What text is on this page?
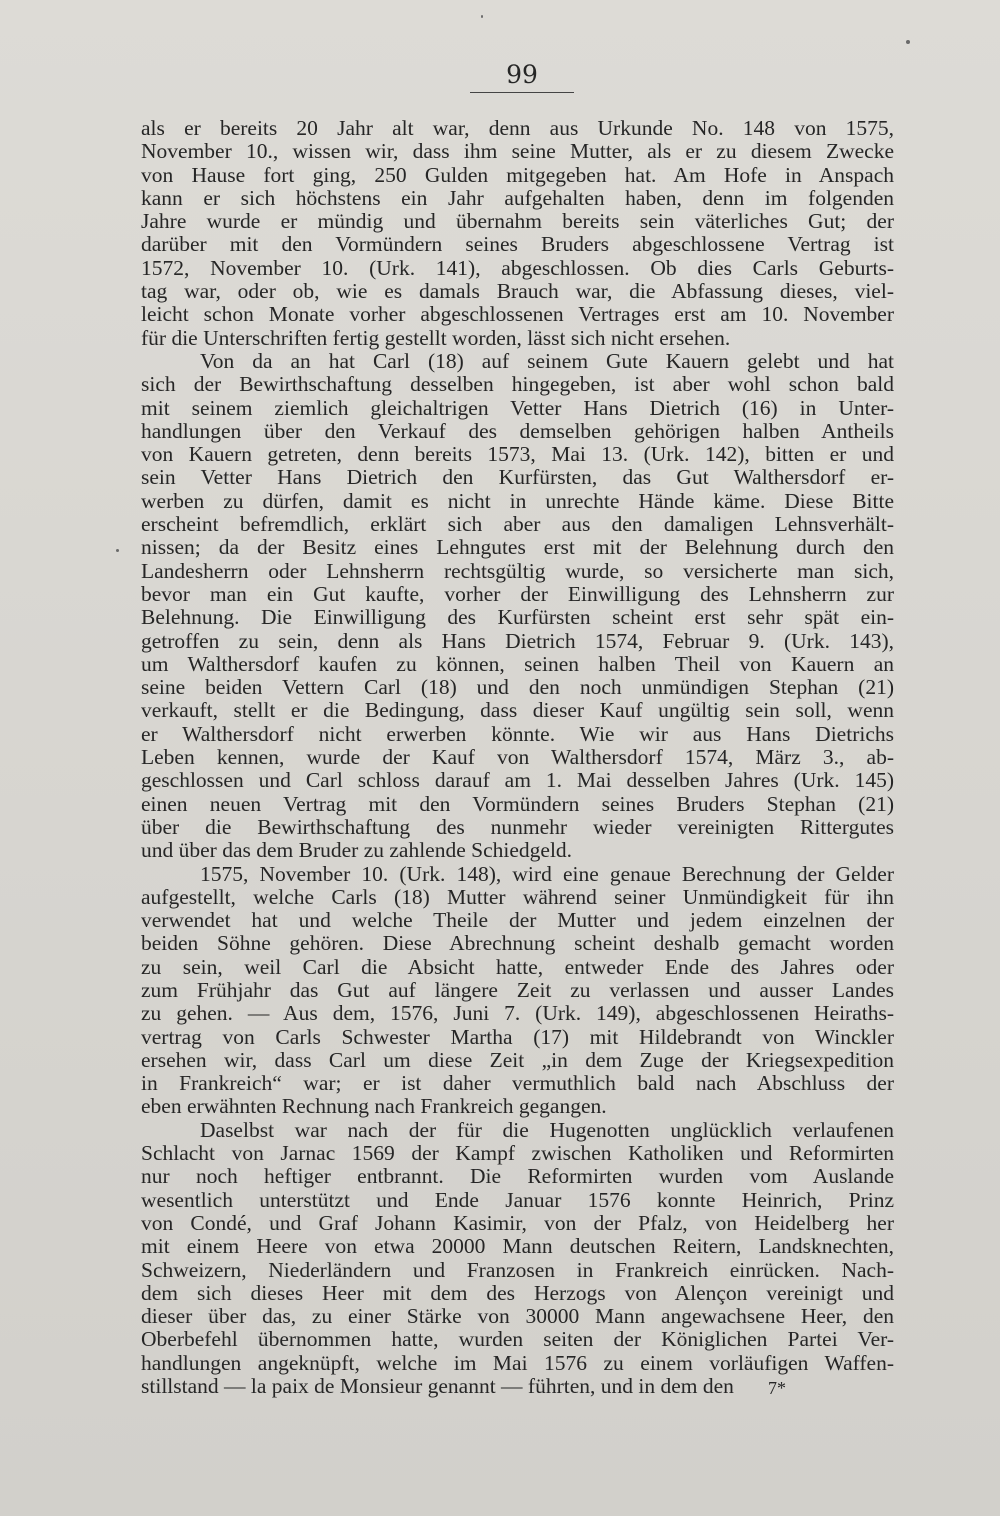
99
als er bereits 20 Jahr alt war, denn aus Urkunde No. 148 von 1575,
November 10., wissen wir, dass ihm seine Mutter, als er zu diesem Zwecke
von Hause fort ging, 250 Gulden mitgegeben hat. Am Hofe in Anspach
kann er sich höchstens ein Jahr aufgehalten haben, denn im folgenden
Jahre wurde er mündig und übernahm bereits sein väterliches Gut; der
darüber mit den Vormündern seines Bruders abgeschlossene Vertrag ist
1572, November 10. (Urk. 141), abgeschlossen. Ob dies Carls Geburts-
tag war, oder ob, wie es damals Brauch war, die Abfassung dieses, viel-
leicht schon Monate vorher abgeschlossenen Vertrages erst am 10. November
für die Unterschriften fertig gestellt worden, lässt sich nicht ersehen.
Von da an hat Carl (18) auf seinem Gute Kauern gelebt und hat
sich der Bewirthschaftung desselben hingegeben, ist aber wohl schon bald
mit seinem ziemlich gleichaltrigen Vetter Hans Dietrich (16) in Unter-
handlungen über den Verkauf des demselben gehörigen halben Antheils
von Kauern getreten, denn bereits 1573, Mai 13. (Urk. 142), bitten er und
sein Vetter Hans Dietrich den Kurfürsten, das Gut Walthersdorf er-
werben zu dürfen, damit es nicht in unrechte Hände käme. Diese Bitte
erscheint befremdlich, erklärt sich aber aus den damaligen Lehnsverhält-
nissen; da der Besitz eines Lehngutes erst mit der Belehnung durch den
Landesherrn oder Lehnsherrn rechtsgültig wurde, so versicherte man sich,
bevor man ein Gut kaufte, vorher der Einwilligung des Lehnsherrn zur
Belehnung. Die Einwilligung des Kurfürsten scheint erst sehr spät ein-
getroffen zu sein, denn als Hans Dietrich 1574, Februar 9. (Urk. 143),
um Walthersdorf kaufen zu können, seinen halben Theil von Kauern an
seine beiden Vettern Carl (18) und den noch unmündigen Stephan (21)
verkauft, stellt er die Bedingung, dass dieser Kauf ungültig sein soll, wenn
er Walthersdorf nicht erwerben könnte. Wie wir aus Hans Dietrichs
Leben kennen, wurde der Kauf von Walthersdorf 1574, März 3., ab-
geschlossen und Carl schloss darauf am 1. Mai desselben Jahres (Urk. 145)
einen neuen Vertrag mit den Vormündern seines Bruders Stephan (21)
über die Bewirthschaftung des nunmehr wieder vereinigten Rittergutes
und über das dem Bruder zu zahlende Schiedgeld.
1575, November 10. (Urk. 148), wird eine genaue Berechnung der Gelder
aufgestellt, welche Carls (18) Mutter während seiner Unmündigkeit für ihn
verwendet hat und welche Theile der Mutter und jedem einzelnen der
beiden Söhne gehören. Diese Abrechnung scheint deshalb gemacht worden
zu sein, weil Carl die Absicht hatte, entweder Ende des Jahres oder
zum Frühjahr das Gut auf längere Zeit zu verlassen und ausser Landes
zu gehen. — Aus dem, 1576, Juni 7. (Urk. 149), abgeschlossenen Heiraths-
vertrag von Carls Schwester Martha (17) mit Hildebrandt von Winckler
ersehen wir, dass Carl um diese Zeit „in dem Zuge der Kriegsexpedition
in Frankreich“ war; er ist daher vermuthlich bald nach Abschluss der
eben erwähnten Rechnung nach Frankreich gegangen.
Daselbst war nach der für die Hugenotten unglücklich verlaufenen
Schlacht von Jarnac 1569 der Kampf zwischen Katholiken und Reformirten
nur noch heftiger entbrannt. Die Reformirten wurden vom Auslande
wesentlich unterstützt und Ende Januar 1576 konnte Heinrich, Prinz
von Condé, und Graf Johann Kasimir, von der Pfalz, von Heidelberg her
mit einem Heere von etwa 20000 Mann deutschen Reitern, Landsknechten,
Schweizern, Niederländern und Franzosen in Frankreich einrücken. Nach-
dem sich dieses Heer mit dem des Herzogs von Alençon vereinigt und
dieser über das, zu einer Stärke von 30000 Mann angewachsene Heer, den
Oberbefehl übernommen hatte, wurden seiten der Königlichen Partei Ver-
handlungen angeknüpft, welche im Mai 1576 zu einem vorläufigen Waffen-
stillstand — la paix de Monsieur genannt — führten, und in dem den	7*
